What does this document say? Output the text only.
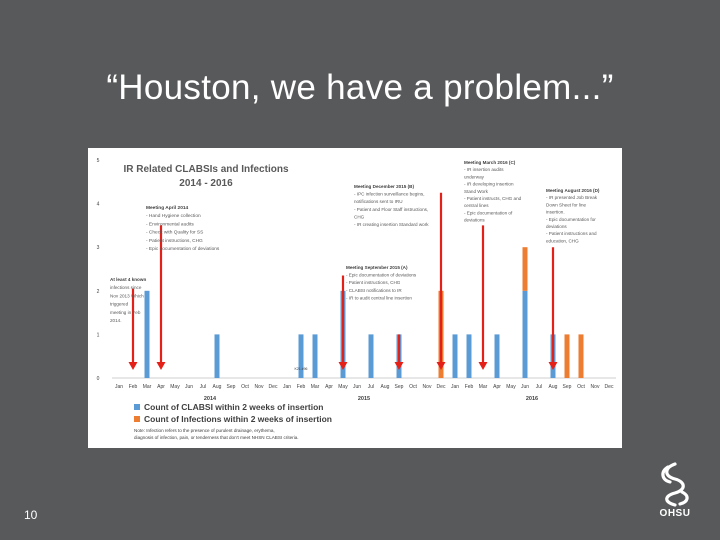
“Houston, we have a problem...”
0
1
2
3
4
5
K21 #96
Jan Feb Mar Apr May Jun Jul Aug Sep Oct Nov Dec Jan Feb Mar Apr May Jun Jul Aug Sep Oct Nov Dec Jan Feb Mar Apr May Jun Jul Aug Sep Oct Nov Dec
2014	2015	2016
IR Related CLABSIs and Infections
2014 - 2016
At least 4 known
infections since
Nov 2013 Which
triggered
meeting in Feb
2014.
Meeting April 2014
- Hand Hygiene collection
- Environmental audits
- Check with Quality for SS
- Patient instructions, CHG
- Epic documentation of deviations
Meeting September 2015 (A)
- Epic documentation of deviations
- Patient instructions, CHG
- CLABSI notifications to IR
- IR to audit central line insertion
Meeting December 2015 (B)
- IPC infection surveillance begins,
notifications sent to IRU
- Patient and Floor Staff instructions,
CHG
- IR creating insertion Standard work
Meeting March 2016 (C)
- IR insertion audits
underway
- IR developing insertion
Stand Work
- Patient instructs, CHG and
central lines
- Epic documentation of
deviations
Meeting August 2016 (D)
- IR presented Job Break
Down Sheet for line
insertion.
- Epic documentation for
deviations
- Patient instructions and
education, CHG
Count of CLABSI within 2 weeks of insertion
Count of Infections within 2 weeks of insertion
Note: Infection refers to the presence of purulent drainage, erythema,
diagnosis of infection, pain, or tenderness that don't meet NHSN CLABSI criteria.
10	OHSU
